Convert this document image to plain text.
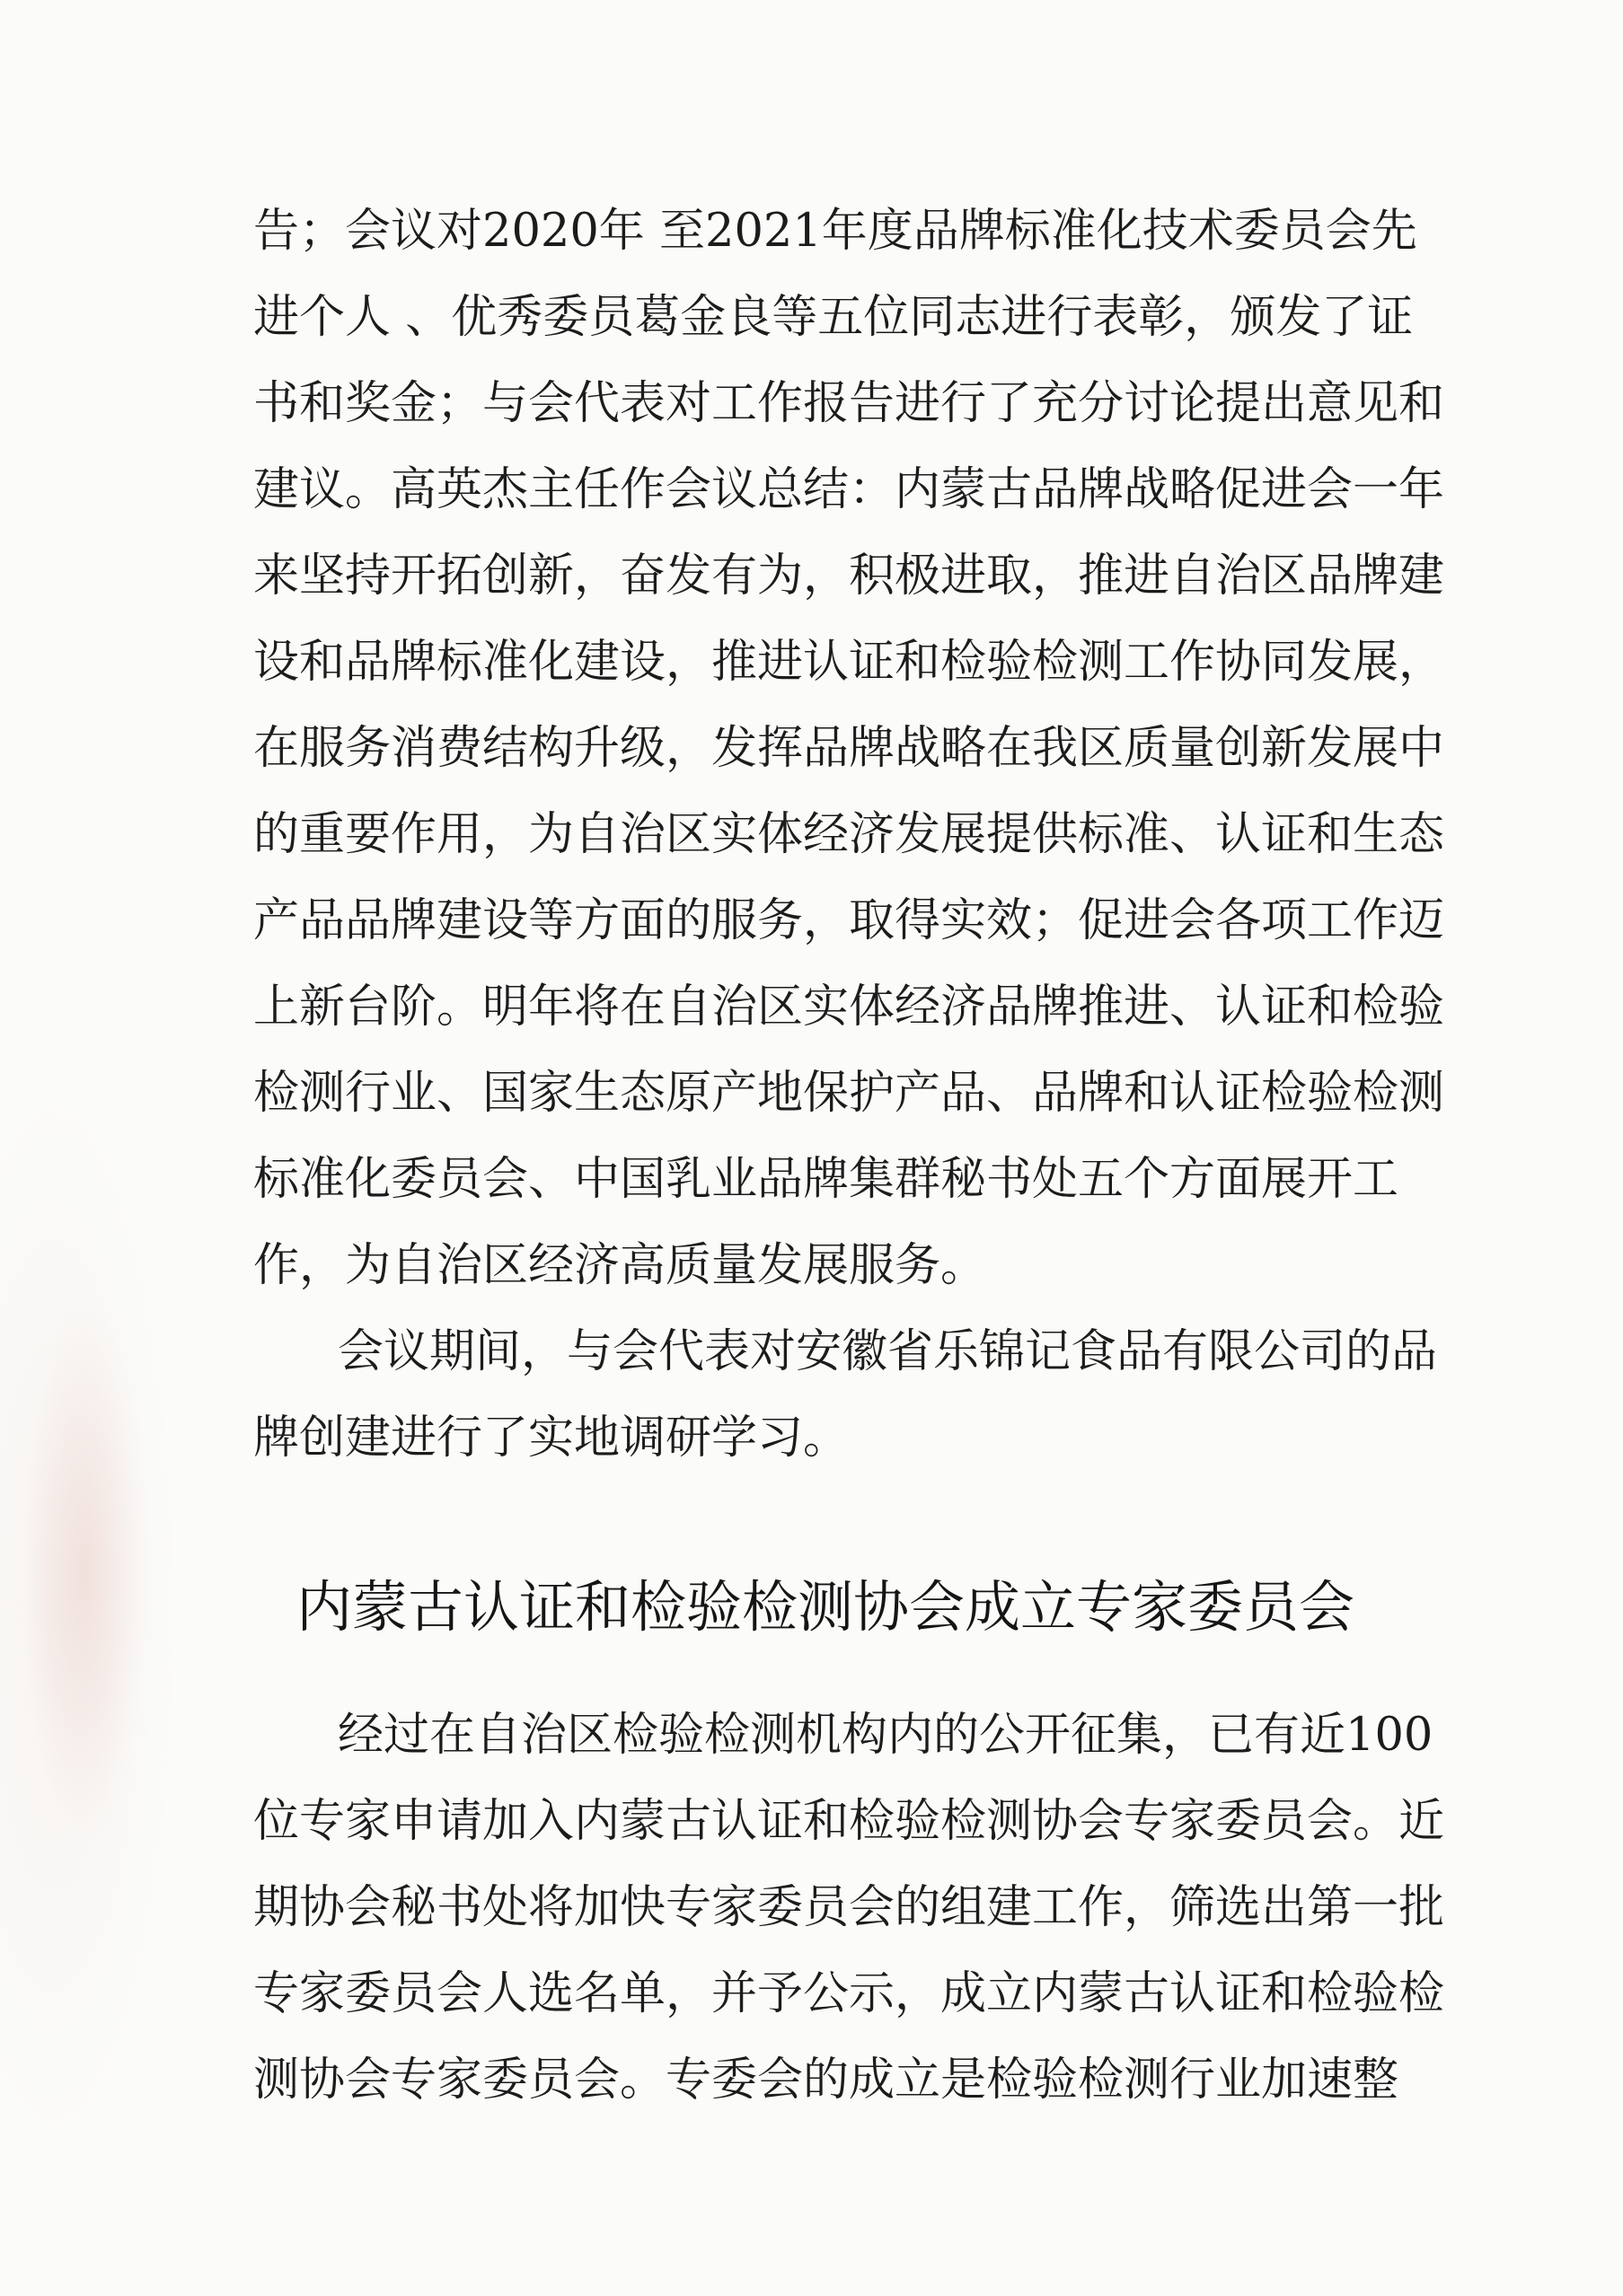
告；会议对2020年 至2021年度品牌标准化技术委员会先
进个人 、优秀委员葛金良等五位同志进行表彰，颁发了证
书和奖金；与会代表对工作报告进行了充分讨论提出意见和
建议。高英杰主任作会议总结：内蒙古品牌战略促进会一年
来坚持开拓创新，奋发有为，积极进取，推进自治区品牌建
设和品牌标准化建设，推进认证和检验检测工作协同发展，
在服务消费结构升级，发挥品牌战略在我区质量创新发展中
的重要作用，为自治区实体经济发展提供标准、认证和生态
产品品牌建设等方面的服务，取得实效；促进会各项工作迈
上新台阶。明年将在自治区实体经济品牌推进、认证和检验
检测行业、国家生态原产地保护产品、品牌和认证检验检测
标准化委员会、中国乳业品牌集群秘书处五个方面展开工
作，为自治区经济高质量发展服务。
会议期间，与会代表对安徽省乐锦记食品有限公司的品
牌创建进行了实地调研学习。
内蒙古认证和检验检测协会成立专家委员会
经过在自治区检验检测机构内的公开征集，已有近100
位专家申请加入内蒙古认证和检验检测协会专家委员会。近
期协会秘书处将加快专家委员会的组建工作，筛选出第一批
专家委员会人选名单，并予公示，成立内蒙古认证和检验检
测协会专家委员会。专委会的成立是检验检测行业加速整
